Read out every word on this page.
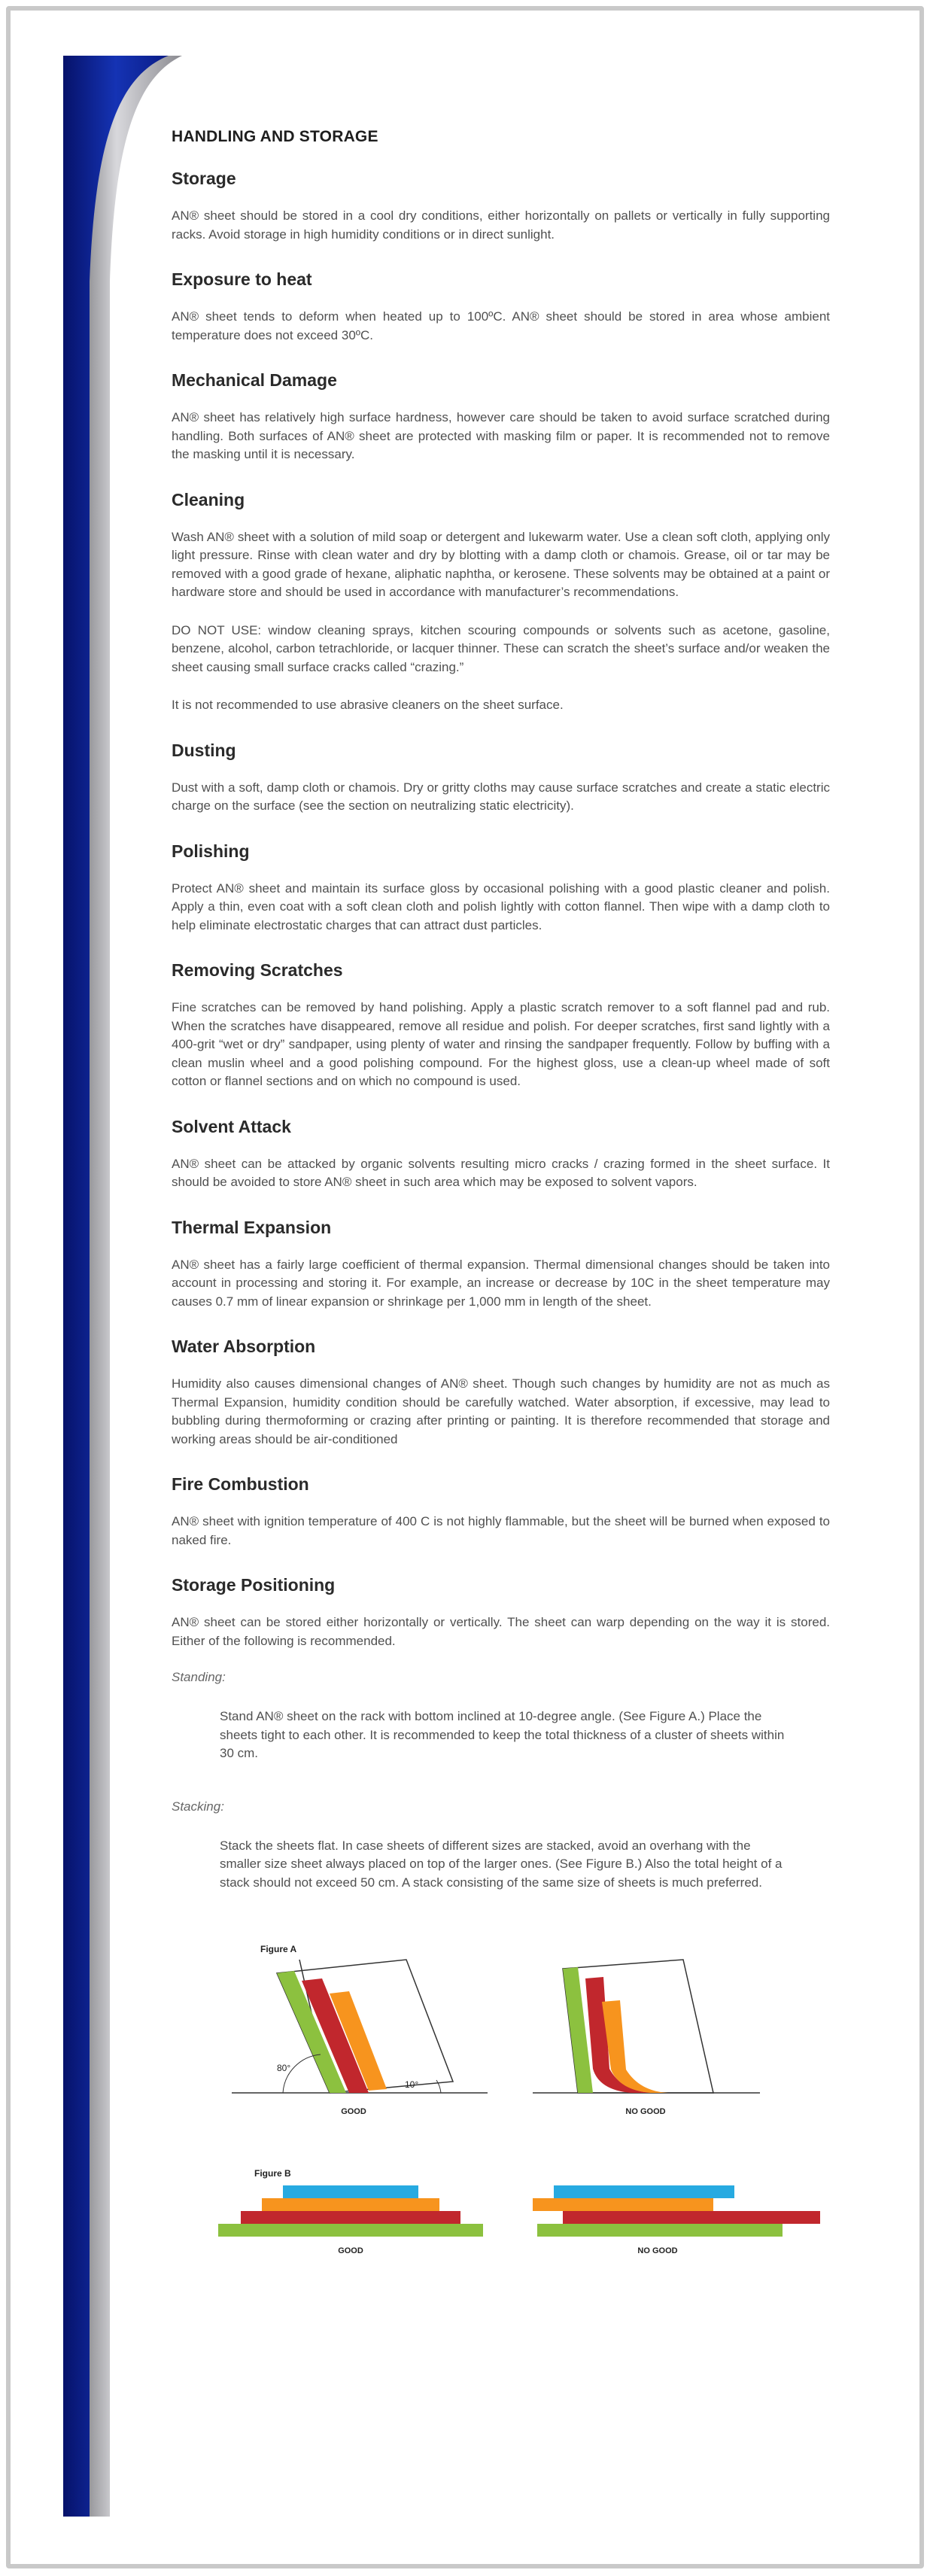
HANDLING AND STORAGE
Storage

AN® sheet should be stored in a cool dry conditions, either horizontally on pallets or vertically in fully supporting racks. Avoid storage in high humidity conditions or in direct sunlight.

Exposure to heat

AN® sheet tends to deform when heated up to 100ºC. AN® sheet should be stored in area whose ambient temperature does not exceed 30ºC.

Mechanical Damage

AN® sheet has relatively high surface hardness, however care should be taken to avoid surface scratched during handling. Both surfaces of AN® sheet are protected with masking film or paper. It is recommended not to remove the masking until it is necessary.

Cleaning

Wash AN® sheet with a solution of mild soap or detergent and lukewarm water. Use a clean soft cloth, applying only light pressure. Rinse with clean water and dry by blotting with a damp cloth or chamois. Grease, oil or tar may be removed with a good grade of hexane, aliphatic naphtha, or kerosene. These solvents may be obtained at a paint or hardware store and should be used in accordance with manufacturer’s recommendations.

DO NOT USE: window cleaning sprays, kitchen scouring compounds or solvents such as acetone, gasoline, benzene, alcohol, carbon tetrachloride, or lacquer thinner. These can scratch the sheet’s surface and/or weaken the sheet causing small surface cracks called “crazing.”

It is not recommended to use abrasive cleaners on the sheet surface.

Dusting

Dust with a soft, damp cloth or chamois. Dry or gritty cloths may cause surface scratches and create a static electric charge on the surface (see the section on neutralizing static electricity).

Polishing

Protect AN® sheet and maintain its surface gloss by occasional polishing with a good plastic cleaner and polish. Apply a thin, even coat with a soft clean cloth and polish lightly with cotton flannel. Then wipe with a damp cloth to help eliminate electrostatic charges that can attract dust particles.

Removing Scratches

Fine scratches can be removed by hand polishing. Apply a plastic scratch remover to a soft flannel pad and rub. When the scratches have disappeared, remove all residue and polish. For deeper scratches, first sand lightly with a 400-grit “wet or dry” sandpaper, using plenty of water and rinsing the sandpaper frequently. Follow by buffing with a clean muslin wheel and a good polishing compound. For the highest gloss, use a clean-up wheel made of soft cotton or flannel sections and on which no compound is used.

Solvent Attack

AN® sheet can be attacked by organic solvents resulting micro cracks / crazing formed in the sheet surface. It should be avoided to store AN® sheet in such area which may be exposed to solvent vapors.

Thermal Expansion

AN® sheet has a fairly large coefficient of thermal expansion. Thermal dimensional changes should be taken into account in processing and storing it. For example, an increase or decrease by 10C in the sheet temperature may causes 0.7 mm of linear expansion or shrinkage per 1,000 mm in length of the sheet.

Water Absorption

Humidity also causes dimensional changes of AN® sheet. Though such changes by humidity are not as much as Thermal Expansion, humidity condition should be carefully watched. Water absorption, if excessive, may lead to bubbling during thermoforming or crazing after printing or painting. It is therefore recommended that storage and working areas should be air-conditioned

Fire Combustion

AN® sheet with ignition temperature of 400 C is not highly flammable, but the sheet will be burned when exposed to naked fire.

Storage Positioning

AN® sheet can be stored either horizontally or vertically. The sheet can warp depending on the way it is stored. Either of the following is recommended.

Standing:

Stand AN® sheet on the rack with bottom inclined at 10-degree angle. (See Figure A.) Place the sheets tight to each other. It is recommended to keep the total thickness of a cluster of sheets within 30 cm.

Stacking:

Stack the sheets flat. In case sheets of different sizes are stacked, avoid an overhang with the smaller size sheet always placed on top of the larger ones. (See Figure B.) Also the total height of a stack should not exceed 50 cm. A stack consisting of the same size of sheets is much preferred.

Figure A
80°
10°
GOOD	NO GOOD
Figure B
GOOD	NO GOOD
